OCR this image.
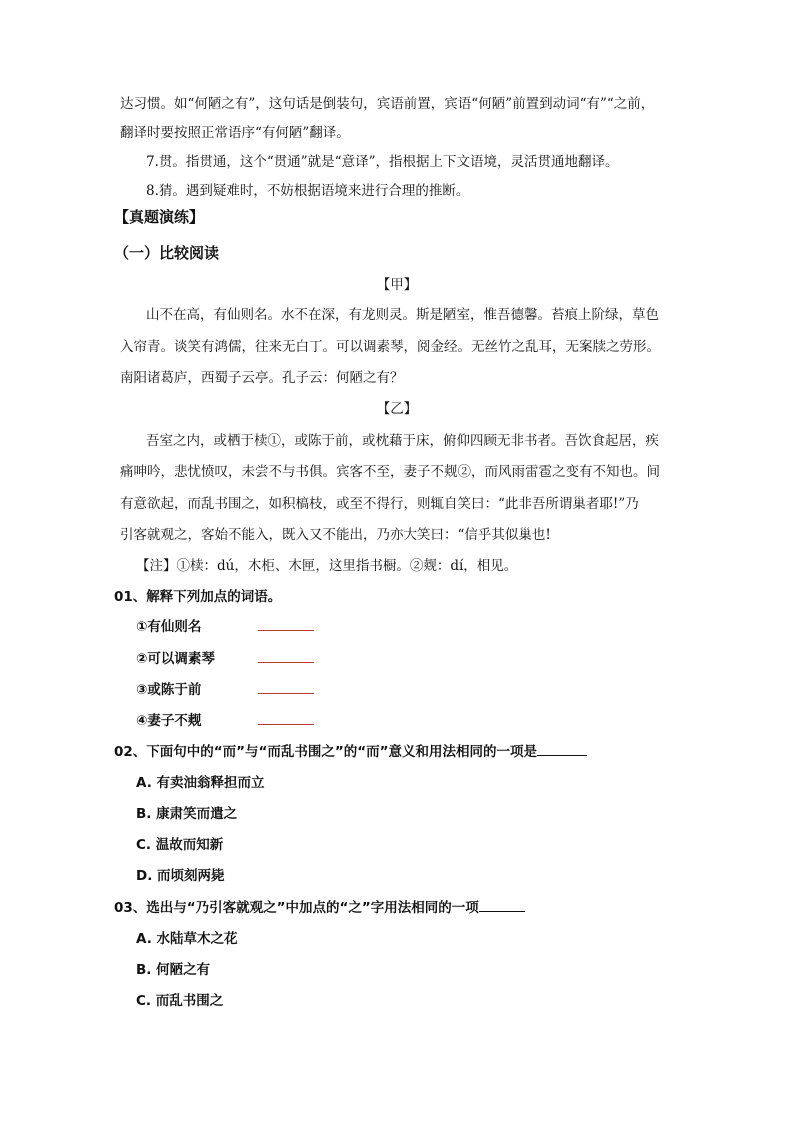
达习惯。如“何陋之有”，这句话是倒装句，宾语前置，宾语“何陋”前置到动词“有”“之前，
翻译时要按照正常语序“有何陋”翻译。
7.贯。指贯通，这个“贯通”就是“意译”，指根据上下文语境，灵活贯通地翻译。
8.猜。遇到疑难时，不妨根据语境来进行合理的推断。
【真题演练】
（一）比较阅读
【甲】
山不在高，有仙则名。水不在深，有龙则灵。斯是陋室，惟吾德馨。苔痕上阶绿，草色
入帘青。谈笑有鸿儒，往来无白丁。可以调素琴，阅金经。无丝竹之乱耳，无案牍之劳形。
南阳诸葛庐，西蜀子云亭。孔子云：何陋之有？
【乙】
吾室之内，或栖于椟①，或陈于前，或枕藉于床，俯仰四顾无非书者。吾饮食起居，疾
痛呻吟，悲忧愤叹，未尝不与书俱。宾客不至，妻子不觌②，而风雨雷雹之变有不知也。间
有意欲起，而乱书围之，如积槁枝，或至不得行，则辄自笑曰：“此非吾所谓巢者耶!”乃
引客就观之，客始不能入，既入又不能出，乃亦大笑曰：“信乎其似巢也!
【注】①椟：dú，木柜、木匣，这里指书橱。②觌：dí，相见。
01、解释下列加点的词语。
①有仙则名
②可以调素琴
③或陈于前
④妻子不觌
02、下面句中的“而”与“而乱书围之”的“而”意义和用法相同的一项是
A. 有卖油翁释担而立
B. 康肃笑而遣之
C. 温故而知新
D. 而顷刻两毙
03、选出与“乃引客就观之”中加点的“之”字用法相同的一项
A. 水陆草木之花
B. 何陋之有
C. 而乱书围之
